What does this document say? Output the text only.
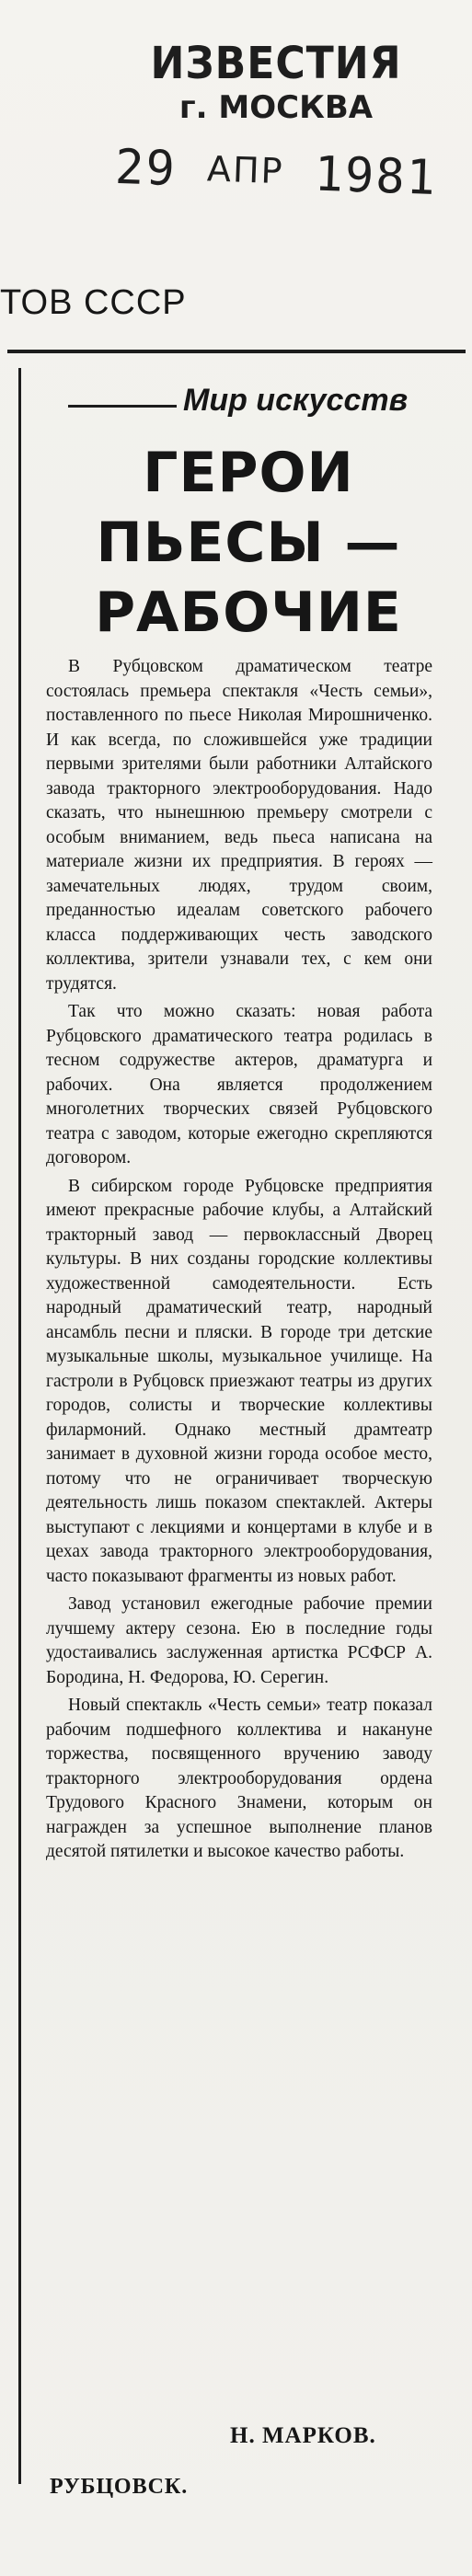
ИЗВЕСТИЯ
г. МОСКВА
29 АПР 1981
ТОВ СССР
Мир искусств
ГЕРОИ
ПЬЕСЫ —
РАБОЧИЕ

В Рубцовском драматическом театре состоялась премьера спектакля «Честь семьи», поставленного по пьесе Николая Мирошниченко. И как всегда, по сложившейся уже традиции первыми зрителями были работники Алтайского завода тракторного электрооборудования. Надо сказать, что нынешнюю премьеру смотрели с особым вниманием, ведь пьеса написана на материале жизни их предприятия. В героях — замечательных людях, трудом своим, преданностью идеалам советского рабочего класса поддерживающих честь заводского коллектива, зрители узнавали тех, с кем они трудятся.

Так что можно сказать: новая работа Рубцовского драматического театра родилась в тесном содружестве актеров, драматурга и рабочих. Она является продолжением многолетних творческих связей Рубцовского театра с заводом, которые ежегодно скрепляются договором.

В сибирском городе Рубцовске предприятия имеют прекрасные рабочие клубы, а Алтайский тракторный завод — первоклассный Дворец культуры. В них созданы городские коллективы художественной самодеятельности. Есть народный драматический театр, народный ансамбль песни и пляски. В городе три детские музыкальные школы, музыкальное училище. На гастроли в Рубцовск приезжают театры из других городов, солисты и творческие коллективы филармоний. Однако местный драмтеатр занимает в духовной жизни города особое место, потому что не ограничивает творческую деятельность лишь показом спектаклей. Актеры выступают с лекциями и концертами в клубе и в цехах завода тракторного электрооборудования, часто показывают фрагменты из новых работ.

Завод установил ежегодные рабочие премии лучшему актеру сезона. Ею в последние годы удостаивались заслуженная артистка РСФСР А. Бородина, Н. Федорова, Ю. Серегин.

Новый спектакль «Честь семьи» театр показал рабочим подшефного коллектива и накануне торжества, посвященного вручению заводу тракторного электрооборудования ордена Трудового Красного Знамени, которым он награжден за успешное выполнение планов десятой пятилетки и высокое качество работы.

Н. МАРКОВ.
РУБЦОВСК.
